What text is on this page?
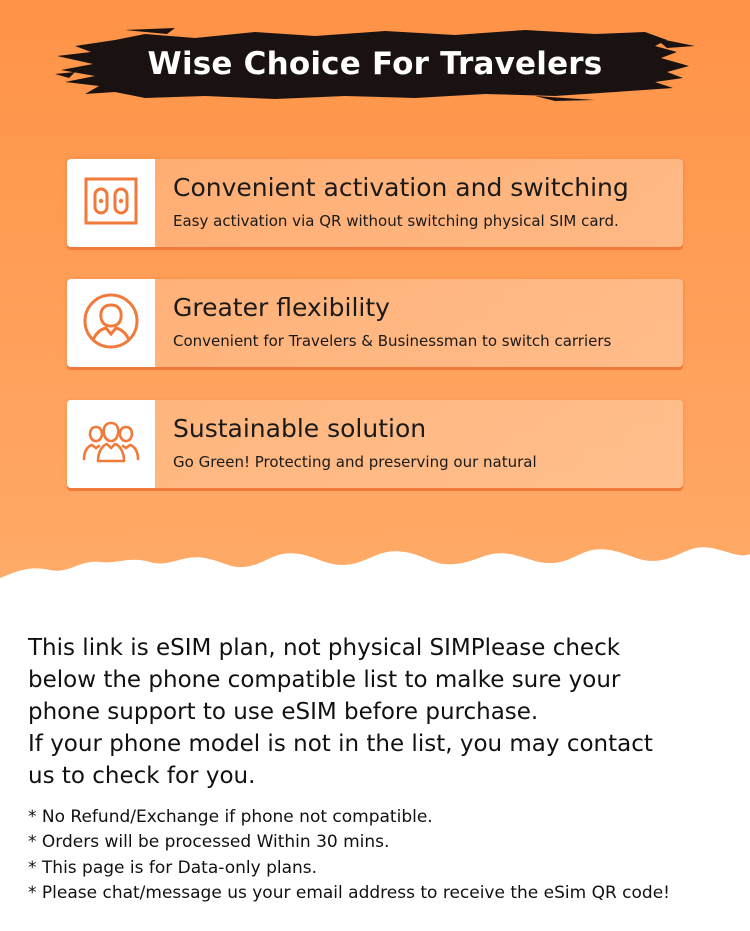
Wise Choice For Travelers
Convenient activation and switching
Easy activation via QR without switching physical SIM card.
Greater flexibility
Convenient for Travelers & Businessman to switch carriers
Sustainable solution
Go Green! Protecting and preserving our natural

This link is eSIM plan, not physical SIMPlease check

below the phone compatible list to malke sure your

phone support to use eSIM before purchase.

If your phone model is not in the list, you may contact

us to check for you.

* No Refund/Exchange if phone not compatible.
* Orders will be processed Within 30 mins.
* This page is for Data-only plans.
* Please chat/message us your email address to receive the eSim QR code!
